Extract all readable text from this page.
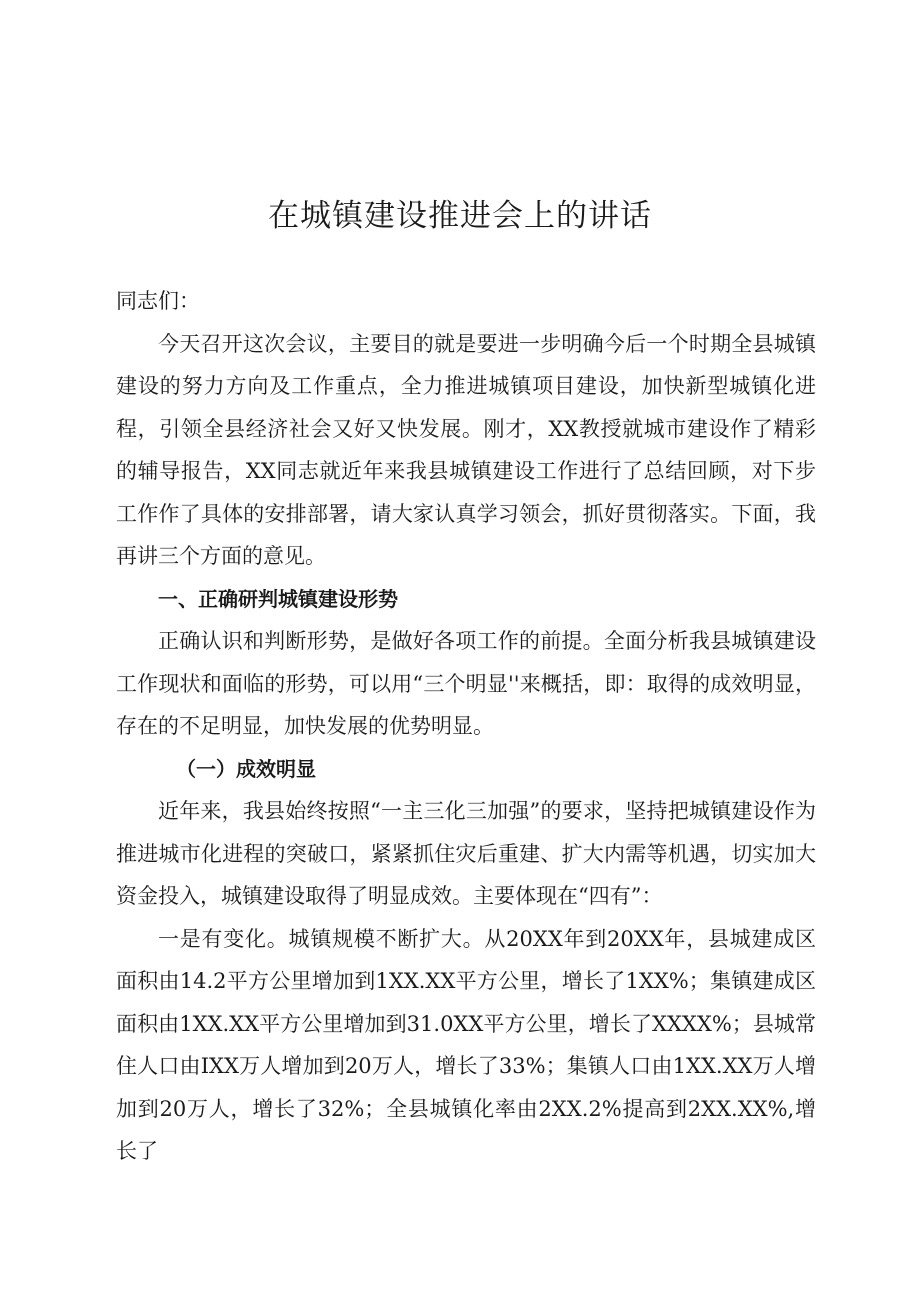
在城镇建设推进会上的讲话

同志们：

今天召开这次会议，主要目的就是要进一步明确今后一个时期全县城镇建设的努力方向及工作重点，全力推进城镇项目建设，加快新型城镇化进程，引领全县经济社会又好又快发展。刚才，XX教授就城市建设作了精彩的辅导报告，XX同志就近年来我县城镇建设工作进行了总结回顾，对下步工作作了具体的安排部署，请大家认真学习领会，抓好贯彻落实。下面，我再讲三个方面的意见。

一、正确研判城镇建设形势

正确认识和判断形势，是做好各项工作的前提。全面分析我县城镇建设工作现状和面临的形势，可以用“三个明显''来概括，即：取得的成效明显，存在的不足明显，加快发展的优势明显。

（一）成效明显

近年来，我县始终按照“一主三化三加强”的要求，坚持把城镇建设作为推进城市化进程的突破口，紧紧抓住灾后重建、扩大内需等机遇，切实加大资金投入，城镇建设取得了明显成效。主要体现在“四有”：

一是有变化。城镇规模不断扩大。从20XX年到20XX年，县城建成区面积由14.2平方公里增加到1XX.XX平方公里，增长了1XX%；集镇建成区面积由1XX.XX平方公里增加到31.0XX平方公里，增长了XXXX%；县城常住人口由IXX万人增加到20万人，增长了33%；集镇人口由1XX.XX万人增加到20万人，增长了32%；全县城镇化率由2XX.2%提高到2XX.XX%,增长了
